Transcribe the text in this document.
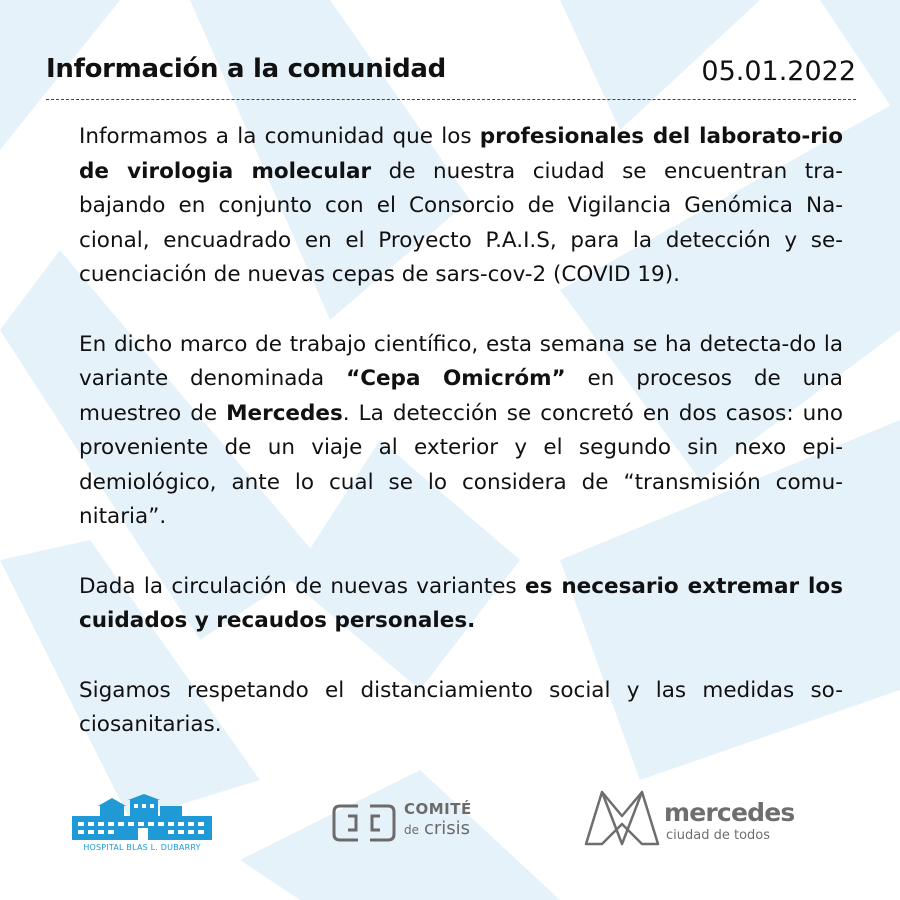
Información a la comunidad	05.01.2022

Informamos a la comunidad que los profesionales del laborato-rio de virologia molecular de nuestra ciudad se encuentran tra-bajando en conjunto con el Consorcio de Vigilancia Genómica Na-cional, encuadrado en el Proyecto P.A.I.S, para la detección y se-cuenciación de nuevas cepas de sars-cov-2 (COVID 19).

En dicho marco de trabajo científico, esta semana se ha detecta-do la variante denominada “Cepa Omicróm” en procesos de una muestreo de Mercedes. La detección se concretó en dos casos: uno proveniente de un viaje al exterior y el segundo sin nexo epi-demiológico, ante lo cual se lo considera de “transmisión comu-nitaria”.

Dada la circulación de nuevas variantes es necesario extremar los cuidados y recaudos personales.

Sigamos respetando el distanciamiento social y las medidas so-ciosanitarias.

HOSPITAL BLAS L. DUBARRY
COMITÉ
de crisis
mercedes
ciudad de todos
